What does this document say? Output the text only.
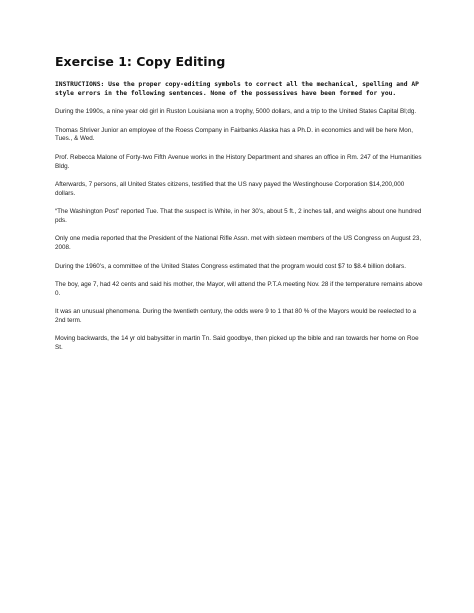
Exercise 1: Copy Editing

INSTRUCTIONS: Use the proper copy-editing symbols to correct all the mechanical, spelling and AP style errors in the following sentences. None of the possessives have been formed for you.

During the 1990s, a nine year old girl in Ruston Louisiana won a trophy, 5000 dollars, and a trip to the United States Capital Bl;dg.

Thomas Shriver Junior an employee of the Roess Company in Fairbanks Alaska has a Ph.D. in economics and will be here Mon, Tues., & Wed.

Prof. Rebecca Malone of Forty-two Fifth Avenue works in the History Department and shares an office in Rm. 247 of the Humanities Bldg.

Afterwards, 7 persons, all United States citizens, testified that the US navy payed the Westinghouse Corporation $14,200,000 dollars.

“The Washington Post” reported Tue. That the suspect is White, in her 30’s, about 5 ft., 2 inches tall, and weighs about one hundred pds.

Only one media reported that the President of the National Rifle Assn. met with sixteen members of the US Congress on August 23, 2008.

During the 1960’s, a committee of the United States Congress estimated that the program would cost $7 to $8.4 billion dollars.

The boy, age 7, had 42 cents and said his mother, the Mayor, will attend the P.T.A meeting Nov. 28 if the temperature remains above 0.

It was an unusual phenomena. During the twentieth century, the odds were 9 to 1 that 80 % of the Mayors would be reelected to a 2nd term.

Moving backwards, the 14 yr old babysitter in martin Tn. Said goodbye, then picked up the bible and ran towards her home on Roe St.
